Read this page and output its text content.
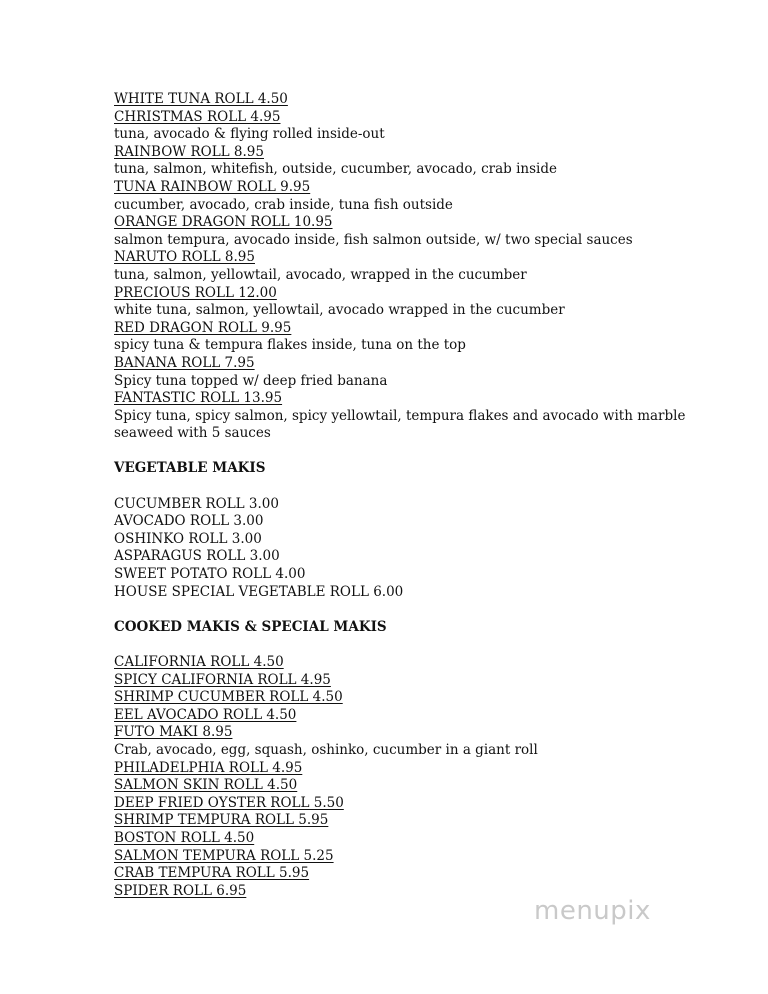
WHITE TUNA ROLL 4.50
CHRISTMAS ROLL 4.95
tuna, avocado & flying rolled inside-out
RAINBOW ROLL 8.95
tuna, salmon, whitefish, outside, cucumber, avocado, crab inside
TUNA RAINBOW ROLL 9.95
cucumber, avocado, crab inside, tuna fish outside
ORANGE DRAGON ROLL 10.95
salmon tempura, avocado inside, fish salmon outside, w/ two special sauces
NARUTO ROLL 8.95
tuna, salmon, yellowtail, avocado, wrapped in the cucumber
PRECIOUS ROLL 12.00
white tuna, salmon, yellowtail, avocado wrapped in the cucumber
RED DRAGON ROLL 9.95
spicy tuna & tempura flakes inside, tuna on the top
BANANA ROLL 7.95
Spicy tuna topped w/ deep fried banana
FANTASTIC ROLL 13.95
Spicy tuna, spicy salmon, spicy yellowtail, tempura flakes and avocado with marble seaweed with 5 sauces
VEGETABLE MAKIS
CUCUMBER ROLL 3.00
AVOCADO ROLL 3.00
OSHINKO ROLL 3.00
ASPARAGUS ROLL 3.00
SWEET POTATO ROLL 4.00
HOUSE SPECIAL VEGETABLE ROLL 6.00
COOKED MAKIS & SPECIAL MAKIS
CALIFORNIA ROLL 4.50
SPICY CALIFORNIA ROLL 4.95
SHRIMP CUCUMBER ROLL 4.50
EEL AVOCADO ROLL 4.50
FUTO MAKI 8.95
Crab, avocado, egg, squash, oshinko, cucumber in a giant roll
PHILADELPHIA ROLL 4.95
SALMON SKIN ROLL 4.50
DEEP FRIED OYSTER ROLL 5.50
SHRIMP TEMPURA ROLL 5.95
BOSTON ROLL 4.50
SALMON TEMPURA ROLL 5.25
CRAB TEMPURA ROLL 5.95
SPIDER ROLL 6.95
menupix
